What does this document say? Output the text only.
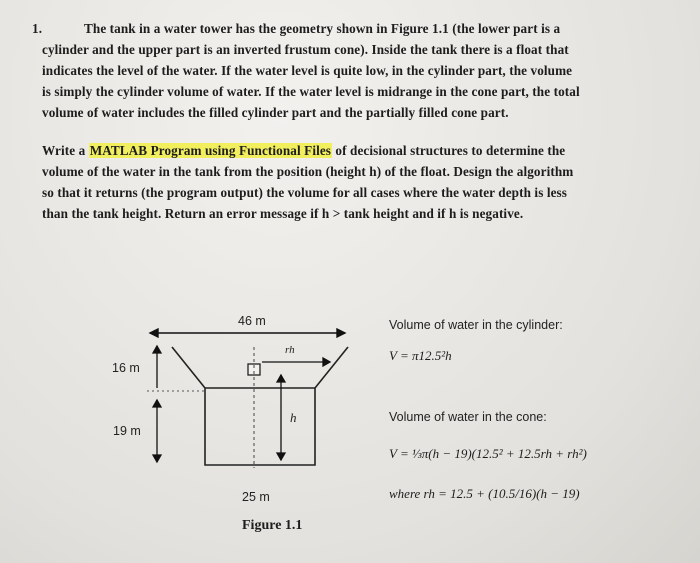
1.	The tank in a water tower has the geometry shown in Figure 1.1 (the lower part is a
cylinder and the upper part is an inverted frustum cone). Inside the tank there is a float that
indicates the level of the water. If the water level is quite low, in the cylinder part, the volume
is simply the cylinder volume of water. If the water level is midrange in the cone part, the total
volume of water includes the filled cylinder part and the partially filled cone part.
Write a MATLAB Program using Functional Files of decisional structures to determine the
volume of the water in the tank from the position (height h) of the float. Design the algorithm
so that it returns (the program output) the volume for all cases where the water depth is less
than the tank height. Return an error message if h > tank height and if h is negative.
46 m
rh
16 m
h
19 m
25 m
Figure 1.1
Volume of water in the cylinder:
V = π12.5²h
Volume of water in the cone:
V = ⅓π(h − 19)(12.5² + 12.5rh + rh²)
where rh = 12.5 + (10.5/16)(h − 19)
